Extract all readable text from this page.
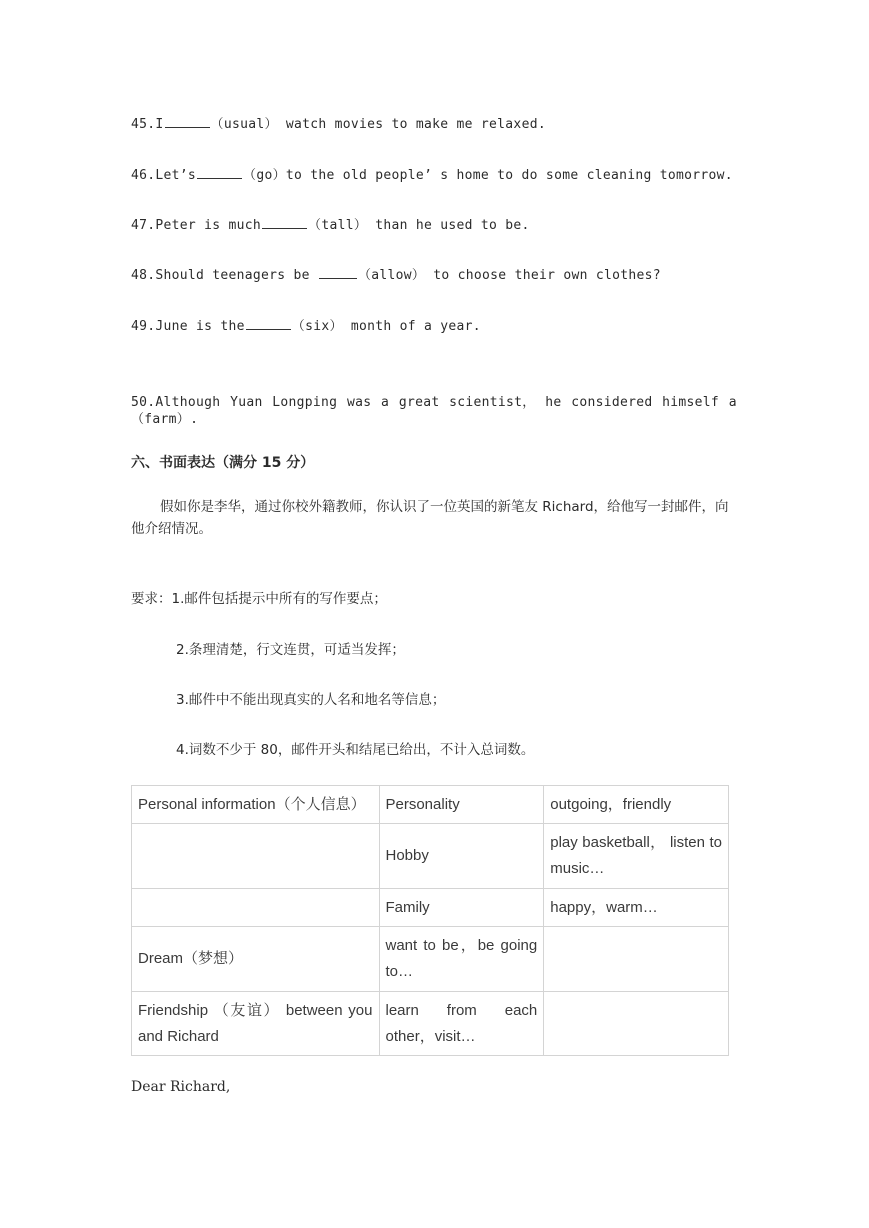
45.I	（usual） watch movies to make me relaxed.
46.Let’s	（go）to the old people’ s home to do some cleaning tomorrow.
47.Peter is much	（tall） than he used to be.
48.Should teenagers be	（allow） to choose their own clothes?
49.June is the	（six） month of a year.
50.Although Yuan Longping was a great scientist， he considered himself a
（farm）.
六、书面表达（满分 15 分）
假如你是李华，通过你校外籍教师，你认识了一位英国的新笔友 Richard，给他写一封邮件，向他介绍情况。
要求：1.邮件包括提示中所有的写作要点；
2.条理清楚，行文连贯，可适当发挥；
3.邮件中不能出现真实的人名和地名等信息；
4.词数不少于 80，邮件开头和结尾已给出，不计入总词数。
Personal information（个人信息）	Personality	outgoing，friendly
	Hobby	play basketball， listen to music…
	Family	happy，warm…
Dream（梦想）	want to be，be going to…	
Friendship （友谊） between you and Richard	learn from each other，visit…	
Dear Richard,
